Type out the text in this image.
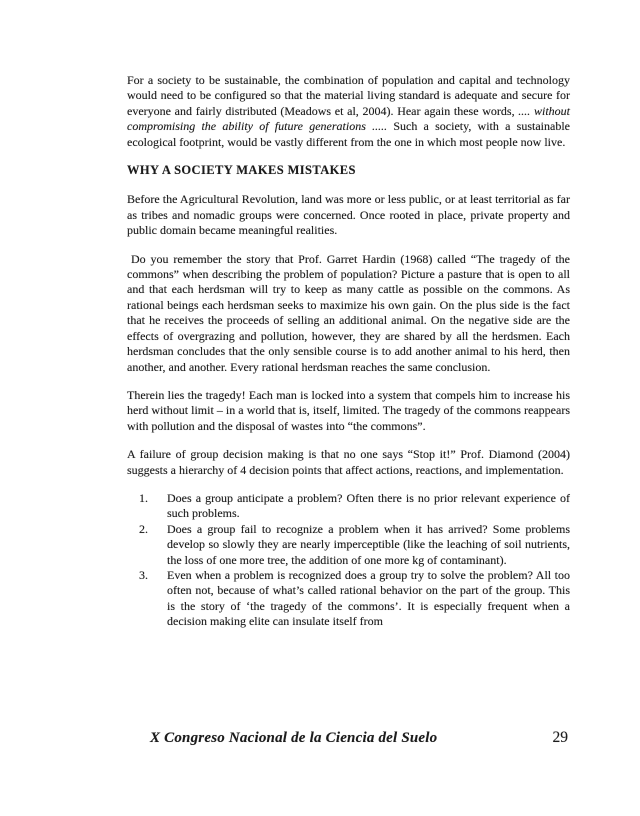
For a society to be sustainable, the combination of population and capital and technology would need to be configured so that the material living standard is adequate and secure for everyone and fairly distributed (Meadows et al, 2004). Hear again these words, .... without compromising the ability of future generations ..... Such a society, with a sustainable ecological footprint, would be vastly different from the one in which most people now live.

WHY A SOCIETY MAKES MISTAKES

Before the Agricultural Revolution, land was more or less public, or at least territorial as far as tribes and nomadic groups were concerned. Once rooted in place, private property and public domain became meaningful realities.

Do you remember the story that Prof. Garret Hardin (1968) called “The tragedy of the commons” when describing the problem of population? Picture a pasture that is open to all and that each herdsman will try to keep as many cattle as possible on the commons. As rational beings each herdsman seeks to maximize his own gain. On the plus side is the fact that he receives the proceeds of selling an additional animal. On the negative side are the effects of overgrazing and pollution, however, they are shared by all the herdsmen. Each herdsman concludes that the only sensible course is to add another animal to his herd, then another, and another. Every rational herdsman reaches the same conclusion.

Therein lies the tragedy! Each man is locked into a system that compels him to increase his herd without limit – in a world that is, itself, limited. The tragedy of the commons reappears with pollution and the disposal of wastes into “the commons”.

A failure of group decision making is that no one says “Stop it!” Prof. Diamond (2004) suggests a hierarchy of 4 decision points that affect actions, reactions, and implementation.

1.	Does a group anticipate a problem? Often there is no prior relevant experience of such problems.
2.	Does a group fail to recognize a problem when it has arrived? Some problems develop so slowly they are nearly imperceptible (like the leaching of soil nutrients, the loss of one more tree, the addition of one more kg of contaminant).
3.	Even when a problem is recognized does a group try to solve the problem? All too often not, because of what’s called rational behavior on the part of the group. This is the story of ‘the tragedy of the commons’. It is especially frequent when a decision making elite can insulate itself from
X Congreso Nacional de la Ciencia del Suelo	29
